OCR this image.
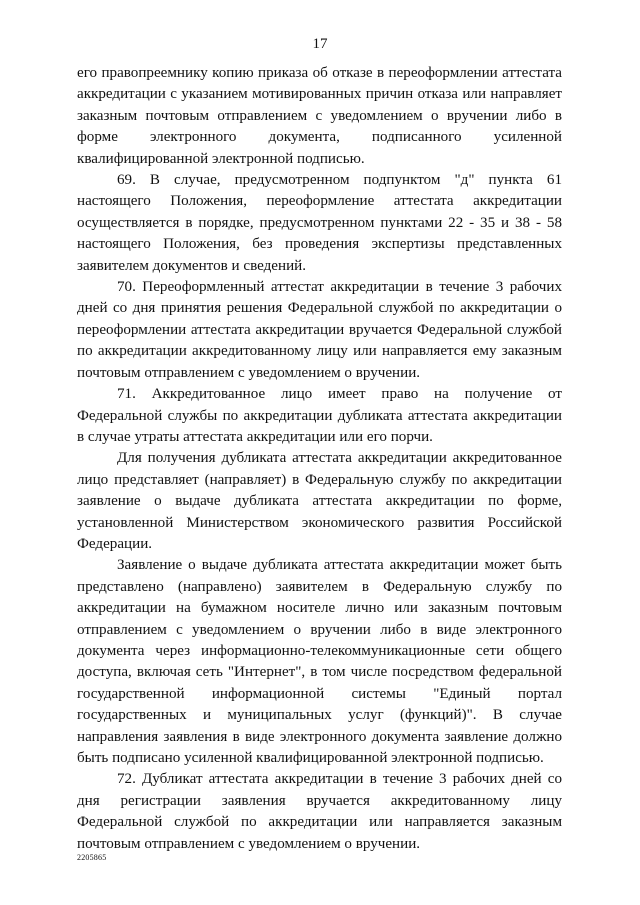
17

его правопреемнику копию приказа об отказе в переоформлении аттестата аккредитации с указанием мотивированных причин отказа или направляет заказным почтовым отправлением с уведомлением о вручении либо в форме электронного документа, подписанного усиленной квалифицированной электронной подписью.

69. В случае, предусмотренном подпунктом "д" пункта 61 настоящего Положения, переоформление аттестата аккредитации осуществляется в порядке, предусмотренном пунктами 22 - 35 и 38 - 58 настоящего Положения, без проведения экспертизы представленных заявителем документов и сведений.

70. Переоформленный аттестат аккредитации в течение 3 рабочих дней со дня принятия решения Федеральной службой по аккредитации о переоформлении аттестата аккредитации вручается Федеральной службой по аккредитации аккредитованному лицу или направляется ему заказным почтовым отправлением с уведомлением о вручении.

71. Аккредитованное лицо имеет право на получение от Федеральной службы по аккредитации дубликата аттестата аккредитации в случае утраты аттестата аккредитации или его порчи.

Для получения дубликата аттестата аккредитации аккредитованное лицо представляет (направляет) в Федеральную службу по аккредитации заявление о выдаче дубликата аттестата аккредитации по форме, установленной Министерством экономического развития Российской Федерации.

Заявление о выдаче дубликата аттестата аккредитации может быть представлено (направлено) заявителем в Федеральную службу по аккредитации на бумажном носителе лично или заказным почтовым отправлением с уведомлением о вручении либо в виде электронного документа через информационно-телекоммуникационные сети общего доступа, включая сеть "Интернет", в том числе посредством федеральной государственной информационной системы "Единый портал государственных и муниципальных услуг (функций)". В случае направления заявления в виде электронного документа заявление должно быть подписано усиленной квалифицированной электронной подписью.

72. Дубликат аттестата аккредитации в течение 3 рабочих дней со дня регистрации заявления вручается аккредитованному лицу Федеральной службой по аккредитации или направляется заказным почтовым отправлением с уведомлением о вручении.

2205865
